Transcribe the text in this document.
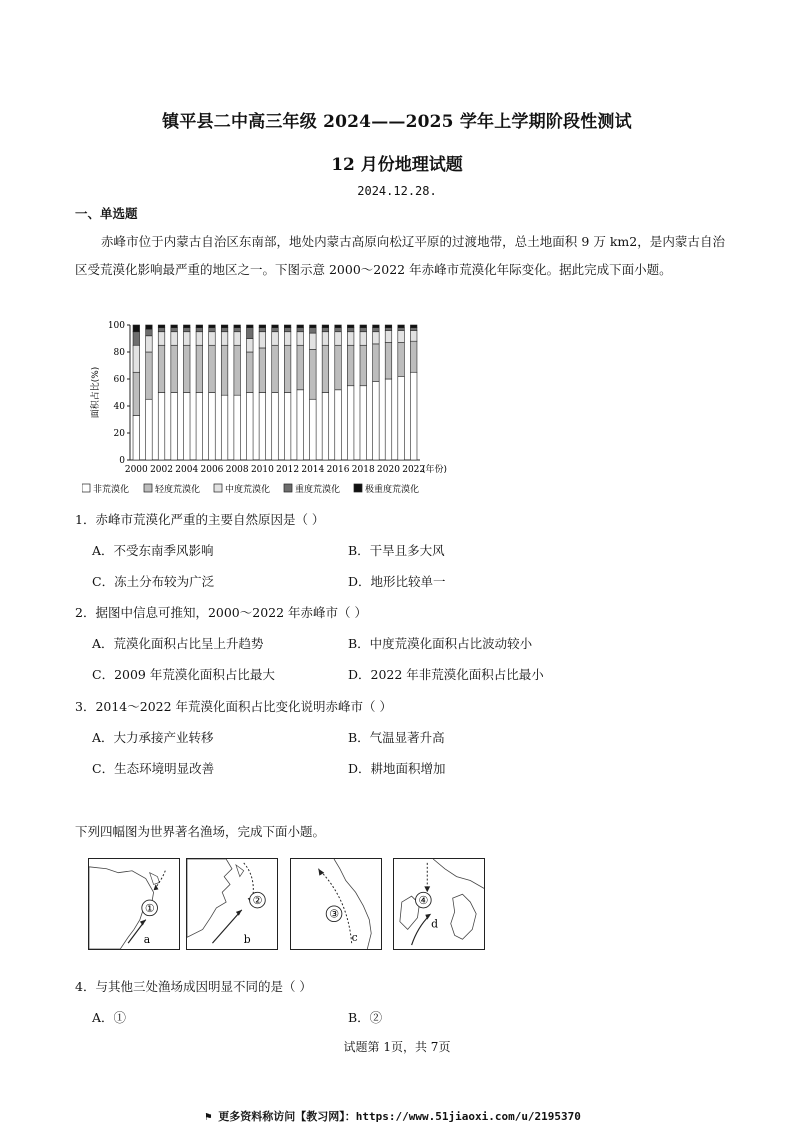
镇平县二中高三年级 2024——2025 学年上学期阶段性测试
12 月份地理试题
2024.12.28.
一、单选题
赤峰市位于内蒙古自治区东南部，地处内蒙古高原向松辽平原的过渡地带，总土地面积 9 万 km2，是内蒙古自治区受荒漠化影响最严重的地区之一。下图示意 2000～2022 年赤峰市荒漠化年际变化。据此完成下面小题。
0
20
40
60
80
100
面积占比(%)
2000 2002 2004 2006 2008 2010 2012 2014 2016 2018 2020 2022
(年份)
非荒漠化	轻度荒漠化	中度荒漠化	重度荒漠化	极重度荒漠化
1．赤峰市荒漠化严重的主要自然原因是（ ）
A．不受东南季风影响	B．干旱且多大风
C．冻土分布较为广泛	D．地形比较单一
2．据图中信息可推知，2000～2022 年赤峰市（ ）
A．荒漠化面积占比呈上升趋势	B．中度荒漠化面积占比波动较小
C．2009 年荒漠化面积占比最大	D．2022 年非荒漠化面积占比最小
3．2014～2022 年荒漠化面积占比变化说明赤峰市（ ）
A．大力承接产业转移	B．气温显著升高
C．生态环境明显改善	D．耕地面积增加
下列四幅图为世界著名渔场，完成下面小题。
①
a
②
b
③
c
④
d
4．与其他三处渔场成因明显不同的是（ ）
A．①	B．②
试题第 1页，共 7页
⚑ 更多资料称访问【教习网】：https://www.51jiaoxi.com/u/2195370
